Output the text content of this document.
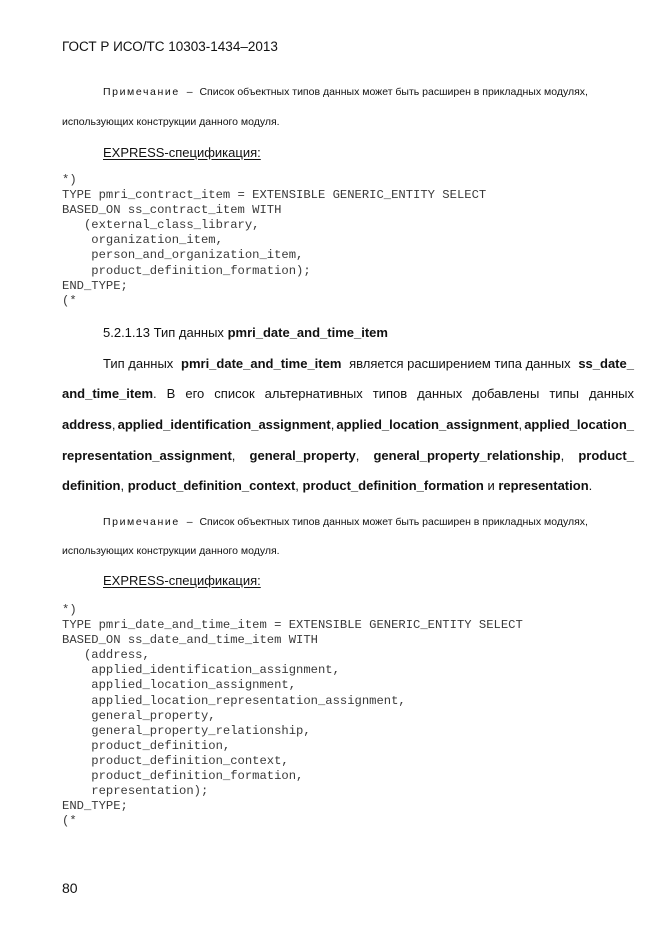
ГОСТ Р ИСО/ТС 10303-1434–2013
Примечание – Список объектных типов данных может быть расширен в прикладных модулях,
использующих конструкции данного модуля.
EXPRESS-спецификация:
*)
TYPE pmri_contract_item = EXTENSIBLE GENERIC_ENTITY SELECT
BASED_ON ss_contract_item WITH
(external_class_library,
organization_item,
person_and_organization_item,
product_definition_formation);
END_TYPE;
(*
5.2.1.13 Тип данных pmri_date_and_time_item
Тип данных pmri_date_and_time_item является расширением типа данных ss_date_
and_time_item . В его список альтернативных типов данных добавлены типы данных
address, applied_identification_assignment, applied_location_assignment, applied_location_
representation_assignment, general_property, general_property_relationship, product_
definition, product_definition_context, product_definition_formation и representation.
Примечание – Список объектных типов данных может быть расширен в прикладных модулях,
использующих конструкции данного модуля.
EXPRESS-спецификация:
*)
TYPE pmri_date_and_time_item = EXTENSIBLE GENERIC_ENTITY SELECT
BASED_ON ss_date_and_time_item WITH
(address,
applied_identification_assignment,
applied_location_assignment,
applied_location_representation_assignment,
general_property,
general_property_relationship,
product_definition,
product_definition_context,
product_definition_formation,
representation);
END_TYPE;
(*
80
